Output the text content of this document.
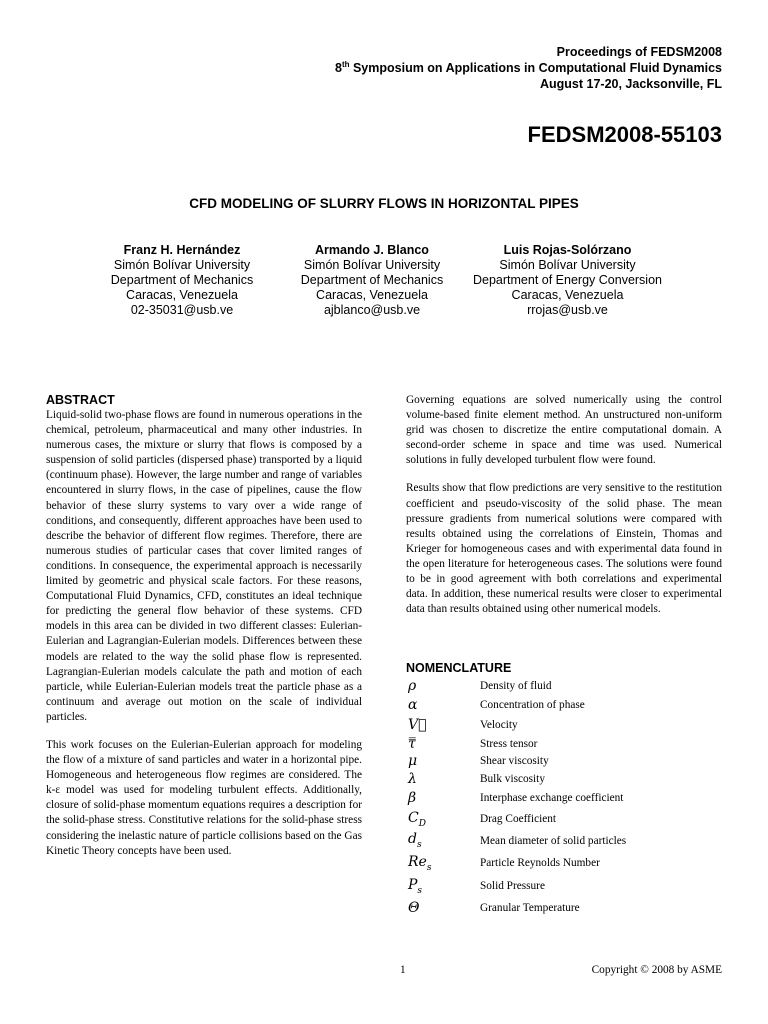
Proceedings of FEDSM2008
8th Symposium on Applications in Computational Fluid Dynamics
August 17-20, Jacksonville, FL
FEDSM2008-55103
CFD MODELING OF SLURRY FLOWS IN HORIZONTAL PIPES
Franz H. Hernández
Simón Bolívar University
Department of Mechanics
Caracas, Venezuela
02-35031@usb.ve
Armando J. Blanco
Simón Bolívar University
Department of Mechanics
Caracas, Venezuela
ajblanco@usb.ve
Luis Rojas-Solórzano
Simón Bolívar University
Department of Energy Conversion
Caracas, Venezuela
rrojas@usb.ve
ABSTRACT

Liquid-solid two-phase flows are found in numerous operations in the chemical, petroleum, pharmaceutical and many other industries. In numerous cases, the mixture or slurry that flows is composed by a suspension of solid particles (dispersed phase) transported by a liquid (continuum phase). However, the large number and range of variables encountered in slurry flows, in the case of pipelines, cause the flow behavior of these slurry systems to vary over a wide range of conditions, and consequently, different approaches have been used to describe the behavior of different flow regimes. Therefore, there are numerous studies of particular cases that cover limited ranges of conditions. In consequence, the experimental approach is necessarily limited by geometric and physical scale factors. For these reasons, Computational Fluid Dynamics, CFD, constitutes an ideal technique for predicting the general flow behavior of these systems. CFD models in this area can be divided in two different classes: Eulerian-Eulerian and Lagrangian-Eulerian models. Differences between these models are related to the way the solid phase flow is represented. Lagrangian-Eulerian models calculate the path and motion of each particle, while Eulerian-Eulerian models treat the particle phase as a continuum and average out motion on the scale of individual particles.

This work focuses on the Eulerian-Eulerian approach for modeling the flow of a mixture of sand particles and water in a horizontal pipe. Homogeneous and heterogeneous flow regimes are considered. The k-ε model was used for modeling turbulent effects. Additionally, closure of solid-phase momentum equations requires a description for the solid-phase stress. Constitutive relations for the solid-phase stress considering the inelastic nature of particle collisions based on the Gas Kinetic Theory concepts have been used.

Governing equations are solved numerically using the control volume-based finite element method. An unstructured non-uniform grid was chosen to discretize the entire computational domain. A second-order scheme in space and time was used. Numerical solutions in fully developed turbulent flow were found.

Results show that flow predictions are very sensitive to the restitution coefficient and pseudo-viscosity of the solid phase. The mean pressure gradients from numerical solutions were compared with results obtained using the correlations of Einstein, Thomas and Krieger for homogeneous cases and with experimental data found in the open literature for heterogeneous cases. The solutions were found to be in good agreement with both correlations and experimental data. In addition, these numerical results were closer to experimental data than results obtained using other numerical models.

NOMENCLATURE
ρ	Density of fluid
α	Concentration of phase
V⃗	Velocity
τ̿	Stress tensor
μ	Shear viscosity
λ	Bulk viscosity
β	Interphase exchange coefficient
$C_D$	Drag Coefficient
$d_s$	Mean diameter of solid particles
$Re_s$	Particle Reynolds Number
$P_s$	Solid Pressure
Θ	Granular Temperature
1	Copyright © 2008 by ASME
